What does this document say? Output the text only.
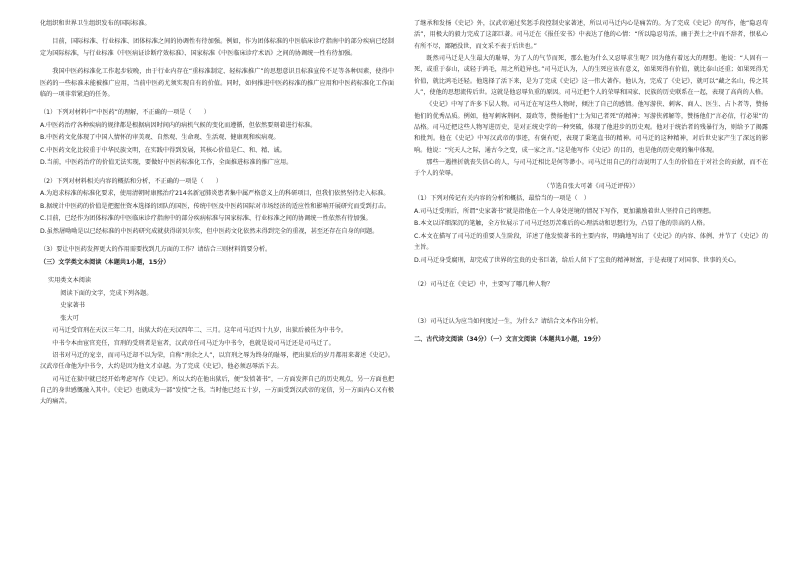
化组织和世界卫生组织发布的国际标准。

目前，国际标准、行业标准、团体标准之间的协调性有待加强。例如，作为团体标准的中医临床诊疗指南中的部分疾病已经制定为国际标准，与行业标准《中医病证诊断疗效标准》、国家标准《中医临床诊疗术语》之间的协调统一性有待加强。

我国中医药标准化工作起步较晚，由于行业内存在“重标准制定、轻标准推广”的思想意识且标准宣传不足等各种因素，使得中医药的一些标准未能被推广应用，当前中医药尤须实现自有的价值。同时，如何推进中医药标准的推广应用和中医药标准化工作面临的一项非常紧迫的任务。

（1）下列对材料中“中医药”的理解，不正确的一项是（　　）

A.中医药治疗各种疾病的规律都是根据病因时间内的病机气候的变化而遵循，但依然要刻着进行标准。

B.中医药文化体现了中国人情怀的审美观、自然观、生命观、生活观、健康观和疾病观。

C.中医药文化比较重于中华民族文明，在实践中得到发展，其核心价值是仁、和、精、诚。

D.当前，中医药治疗的价值无法实现，要做好中医药标准化工作，全面推进标准的推广应用。

（2）下列对材料相关内容的概括和分析，不正确的一项是（　　）

A.为追求标准的标准化要求，使用清朝时康熙治疗214名新冠肺炎患者集中属严格意义上的科研项目，但我们依然坚持走入标准。

B.据统计中医药的价值是把握住资本选择的团队的国医，传统中医及中医药国际对市场经济的适应性和影响开展研究而受到打击。

C.目前，已经作为团体标准的中医临床诊疗指南中的部分疾病标准与国家标准、行业标准之间的协调统一性依然有待加强。

D.虽然屠呦呦是以已经标准的中医药研究成就获得诺贝尔奖，但中医药文化依然未得到完全的重视，甚至还存在自身的问题。

（3）要让中医药发挥更大的作用需要找到几方面的工作？请结合三则材料简要分析。

（三）文学类文本阅读（本题共1小题，15分）

实用类文本阅读

阅读下面的文字，完成下列各题。

史家著书

张大可

司马迁受宫刑在天汉三年二月，出狱大约在天汉四年二、三月。这年司马迁四十九岁，出狱后被任为中书令。

中书令本由宦官充任，宫刑的受刑者是宦者，汉武帝任司马迁为中书令，也就是说司马迁还是司马迁了。

诏书对马迁的宠幸，而司马迁却不以为荣，自称“刑余之人”，以宫刑之辱为终身的耻辱，把出狱后的岁月都用来著述《史记》。汉武帝任命他为中书令，大约是因为他文才卓越。为了完成《史记》，他必须忍辱活下去。

司马迁在狱中就已经开始考虑写作《史记》。所以大约在他出狱后，便“发愤著书”，一方面发挥自己的历史观点，另一方面也把自己的身世感慨融入其中。《史记》也就成为一部“发愤”之书。当时他已经五十岁，一方面受到汉武帝的宠信，另一方面内心又有极大的痛苦。

了继承和发扬《史记》外，汉武帝通过奖惩手段控制史家著述，所以司马迁内心是痛苦的。为了完成《史记》的写作，他“隐忍苟活”，用极大的毅力完成了这部巨著。司马迁在《报任安书》中表达了他的心情：“所以隐忍苟活，幽于粪土之中而不辞者，恨私心有所不尽，鄙陋没世，而文采不表于后世也。”

既然司马迁是人生最大的耻辱，为了人的气节而死，那么他为什么又忍辱求生呢？因为他有着远大的理想。他说：“人固有一死，或重于泰山，或轻于鸿毛，用之所趋异也。”司马迁认为，人的生死应该有意义，如果死得有价值，就比泰山还重；如果死得无价值，就比鸿毛还轻。他选择了活下来，是为了完成《史记》这一伟大著作。他认为，完成了《史记》，就可以“藏之名山，传之其人”，使他的思想流传后世。这就是他忍辱负重的原因。司马迁把个人的荣辱和国家、民族的历史联系在一起，表现了高尚的人格。

《史记》中写了许多下层人物。司马迁在写这些人物时，倾注了自己的感情。他写游侠、刺客、商人、医生、占卜者等，赞扬他们的优秀品质。例如，他写刺客荆轲、聂政等，赞扬他们“士为知己者死”的精神；写游侠郭解等，赞扬他们“言必信，行必果”的品格。司马迁把这些人物写进历史，是对正统史学的一种突破，体现了他进步的历史观。他对于统治者的残暴行为，则给予了揭露和批判。他在《史记》中写汉武帝的事迹，有褒有贬，表现了秉笔直书的精神。司马迁的这种精神，对后世史家产生了深远的影响。他说：“究天人之际，通古今之变，成一家之言。”这是他写作《史记》的目的，也是他的历史观的集中体现。

那些一遇挫折就丧失信心的人，与司马迁相比是何等渺小。司马迁用自己的行动说明了人生的价值在于对社会的贡献，而不在于个人的荣辱。

（节选自张大可著《司马迁评传》）

（1）下列对传记有关内容的分析和概括，最恰当的一项是（　）

A.司马迁受刑后，所谓“史家著书”就是指他在一个人身处逆境的情况下写作，更加激励着世人坚持自己的理想。

B.本文以详细深沉的笔触，全方位展示了司马迁经历苦难后的心理活动和思想行为，凸显了他的崇高的人格。

C.本文在描写了司马迁的重要人生阶段，详述了他发愤著书的主要内容，明确地写出了《史记》的内容、体例、并节了《史记》的主旨。

D.司马迁身受腐刑，却完成了世界的宝贵的史书巨著，给后人留下了宝贵的精神财富，于是表现了对国事、世事的关心。

（2）司马迁在《史记》中，主要写了哪几种人物？

（3）司马迁认为应当如何度过一生，为什么？请结合文本作出分析。

二、古代诗文阅读（34分）（一）文言文阅读（本题共1小题，19分）
